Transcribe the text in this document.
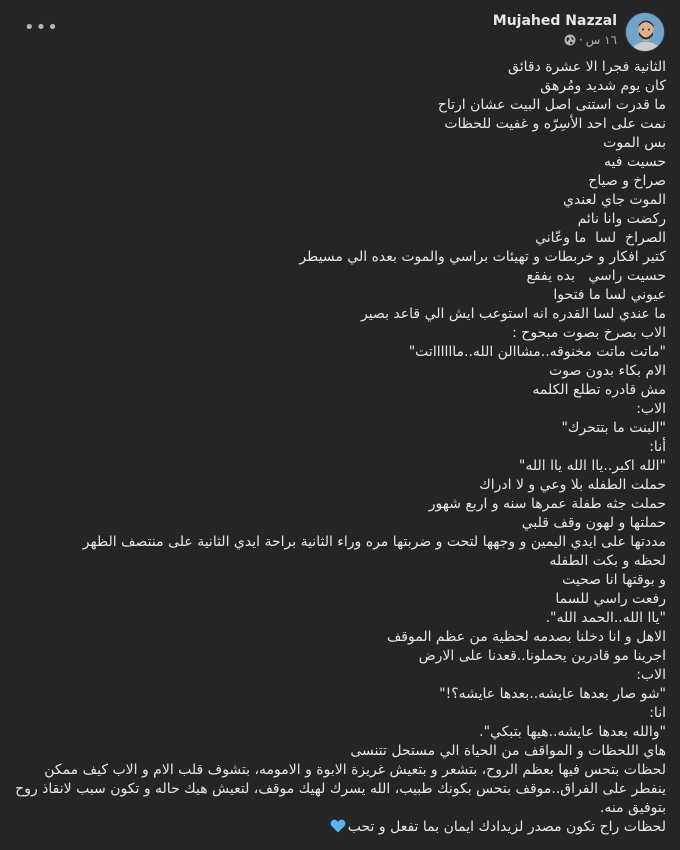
•••	Mujahed Nazzal
١٦ س
·
الثانية فجرا الا عشرة دقائق
كان يوم شديد ومُرهق
ما قدرت استنى اصل البيت عشان ارتاح
نمت على احد الأسِرّه و غفيت للحظات
بس الموت
حسيت فيه
صراخ و صياح
الموت جاي لعندي
ركضت وانا نائم
الصراخ  لسا  ما وعّاني
كتير افكار و خربطات و تهيئات براسي والموت بعده الي مسيطر
حسيت راسي   بده يفقع
عيوني لسا ما فتحوا
ما عندي لسا القدره انه استوعب ايش الي قاعد بصير
الاب بصرخ بصوت مبحوح :
"ماتت ماتت مخنوقه..مشاالن الله..مااااااتت"
الام بكاء بدون صوت
مش قادره تطلع الكلمه
الاب:
"البنت ما بتتحرك"
أنا:
"الله اكبر..ياا الله ياا الله"
حملت الطفله بلا وعي و لا ادراك
حملت جثه طفلة عمرها سنه و اربع شهور
حملتها و لهون وقف قلبي
مددتها على ايدي اليمين و وجهها لتحت و ضربتها مره وراء الثانية براحة ايدي الثانية على منتصف الظهر
لحظه و بكت الطفله
و بوقتها انا صحيت
رفعت راسي للسما
"ياا الله..الحمد الله".
الاهل و انا دخلنا بصدمه لحظية من عظم الموقف
اجرينا مو قادرين يحملونا..قعدنا على الارض
الاب:
"شو صار بعدها عايشه..بعدها عايشه؟!"
انا:
"والله بعدها عايشه..هيها بتبكي".
هاي اللحظات و المواقف من الحياة الي مستحل تتنسى
لحظات بتحس فيها بعظم الروح، بتشعر و بتعيش غريزة الابوة و الامومه، بتشوف قلب الام و الاب كيف ممكن ينفطر على الفراق..موقف بتحس بكونك طبيب، الله يسرك لهيك موقف، لتعيش هيك حاله و تكون سبب لانقاذ روح بتوفيق منه.
لحظات راح تكون مصدر لزيدادك ايمان بما تفعل و تحب
